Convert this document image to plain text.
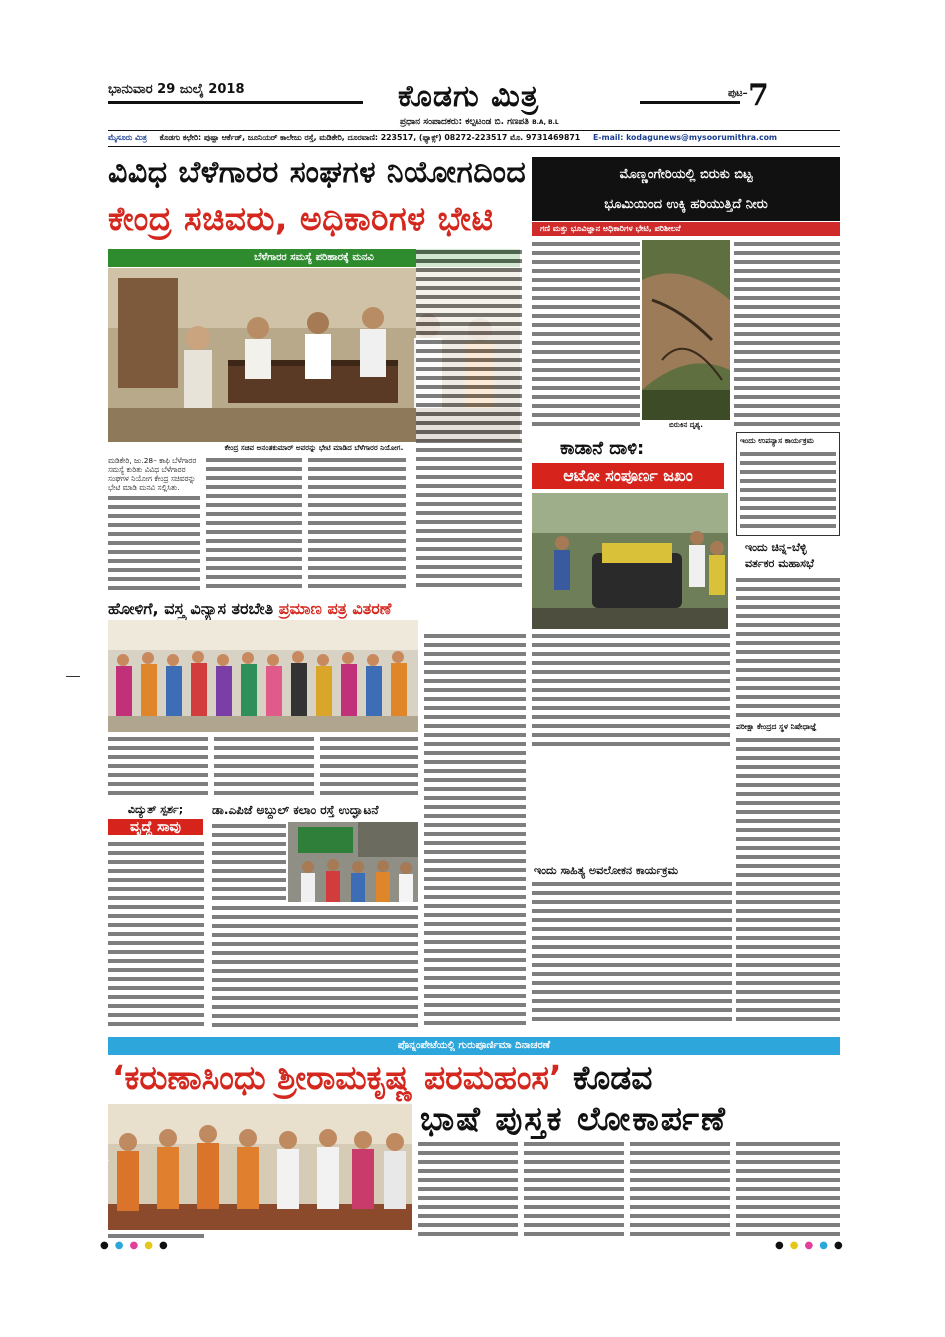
ಭಾನುವಾರ 29 ಜುಲೈ 2018	ಕೊಡಗು ಮಿತ್ರ	ಪುಟ– 7
ಪ್ರಧಾನ ಸಂಪಾದಕರು: ಕಲ್ಪಟಂಡ ಬಿ. ಗಣಪತಿ B.A, B.L
ಮೈಸೂರು ಮಿತ್ರ ಕೊಡಗು ಕಛೇರಿ: ಪುಷ್ಪಾ ಆರ್ಕೆಡ್, ಜೂನಿಯರ್ ಕಾಲೇಜು ರಸ್ತೆ, ಮಡಿಕೇರಿ, ದೂರವಾಣಿ: 223517, (ಫ್ಯಾಕ್ಸ್) 08272-223517 ಮೊ. 9731469871 E-mail: kodagunews@mysoorumithra.com
ವಿವಿಧ ಬೆಳೆಗಾರರ ಸಂಘಗಳ ನಿಯೋಗದಿಂದ
ಕೇಂದ್ರ ಸಚಿವರು, ಅಧಿಕಾರಿಗಳ ಭೇಟಿ
ಬೆಳೆಗಾರರ ಸಮಸ್ಯೆ ಪರಿಹಾರಕ್ಕೆ ಮನವಿ
ಕೇಂದ್ರ ಸಚಿವ ಅನಂತಕುಮಾರ್ ಅವರನ್ನು ಭೇಟಿ ಮಾಡಿದ ಬೆಳೆಗಾರರ ನಿಯೋಗ.
ಮಡಿಕೇರಿ, ಜು.28– ಕಾಫಿ ಬೆಳೆಗಾರರ ಸಮಸ್ಯೆ ಕುರಿತು ವಿವಿಧ ಬೆಳೆಗಾರರ ಸಂಘಗಳ ನಿಯೋಗ ಕೇಂದ್ರ ಸಚಿವರನ್ನು ಭೇಟಿ ಮಾಡಿ ಮನವಿ ಸಲ್ಲಿಸಿತು.
ಮೊಣ್ಣಂಗೇರಿಯಲ್ಲಿ ಬಿರುಕು ಬಿಟ್ಟ
ಭೂಮಿಯಿಂದ ಉಕ್ಕಿ ಹರಿಯುತ್ತಿದೆ ನೀರು
ಗಣಿ ಮತ್ತು ಭೂವಿಜ್ಞಾನ ಅಧಿಕಾರಿಗಳ ಭೇಟಿ, ಪರಿಶೀಲನೆ
ಬಿರುಕಿನ ದೃಶ್ಯ.
ಕಾಡಾನೆ ದಾಳಿ:
ಆಟೋ ಸಂಪೂರ್ಣ ಜಖಂ
ಇಂದು ಉಪನ್ಯಾಸ ಕಾರ್ಯಕ್ರಮ
ಇಂದು ಚಿನ್ನ–ಬೆಳ್ಳಿ
ವರ್ತಕರ ಮಹಾಸಭೆ
ಪರೀಕ್ಷಾ ಕೇಂದ್ರದ ಸ್ಥಳ ನಿಷೇಧಾಜ್ಞೆ
ಇಂದು ಸಾಹಿತ್ಯ ಅವಲೋಕನ ಕಾರ್ಯಕ್ರಮ
ಹೋಳಿಗೆ, ವಸ್ತ್ರ ವಿನ್ಯಾಸ ತರಬೇತಿ ಪ್ರಮಾಣ ಪತ್ರ ವಿತರಣೆ
ವಿದ್ಯುತ್ ಸ್ಪರ್ಶ;
ವೃದ್ಧೆ ಸಾವು
ಡಾ.ಎಪಿಜೆ ಅಬ್ದುಲ್ ಕಲಾಂ ರಸ್ತೆ ಉದ್ಘಾಟನೆ
ಪೊನ್ನಂಪೇಟೆಯಲ್ಲಿ ಗುರುಪೂರ್ಣಿಮಾ ದಿನಾಚರಣೆ
‘ಕರುಣಾಸಿಂಧು ಶ್ರೀರಾಮಕೃಷ್ಣ ಪರಮಹಂಸ’ ಕೊಡವ
ಭಾಷೆ ಪುಸ್ತಕ ಲೋಕಾರ್ಪಣೆ
●●●●●	●●●●●
